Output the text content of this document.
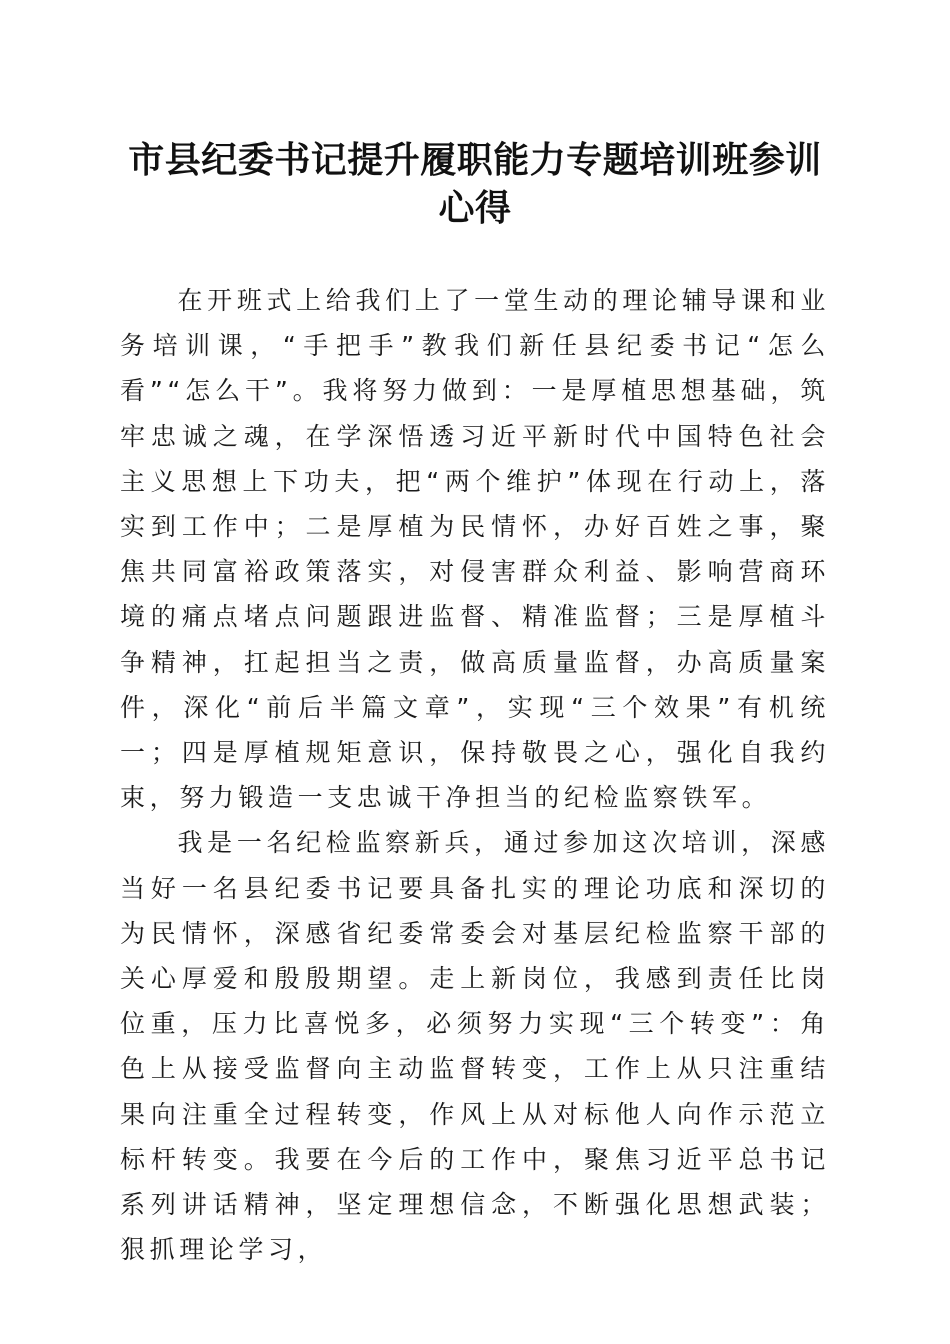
市县纪委书记提升履职能力专题培训班参训心得

在开班式上给我们上了一堂生动的理论辅导课和业务培训课，“手把手”教我们新任县纪委书记“怎么看”“怎么干”。我将努力做到：一是厚植思想基础，筑牢忠诚之魂，在学深悟透习近平新时代中国特色社会主义思想上下功夫，把“两个维护”体现在行动上，落实到工作中；二是厚植为民情怀，办好百姓之事，聚焦共同富裕政策落实，对侵害群众利益、影响营商环境的痛点堵点问题跟进监督、精准监督；三是厚植斗争精神，扛起担当之责，做高质量监督，办高质量案件，深化“前后半篇文章”，实现“三个效果”有机统一；四是厚植规矩意识，保持敬畏之心，强化自我约束，努力锻造一支忠诚干净担当的纪检监察铁军。

我是一名纪检监察新兵，通过参加这次培训，深感当好一名县纪委书记要具备扎实的理论功底和深切的为民情怀，深感省纪委常委会对基层纪检监察干部的关心厚爱和殷殷期望。走上新岗位，我感到责任比岗位重，压力比喜悦多，必须努力实现“三个转变”：角色上从接受监督向主动监督转变，工作上从只注重结果向注重全过程转变，作风上从对标他人向作示范立标杆转变。我要在今后的工作中，聚焦习近平总书记系列讲话精神，坚定理想信念，不断强化思想武装；狠抓理论学习，
